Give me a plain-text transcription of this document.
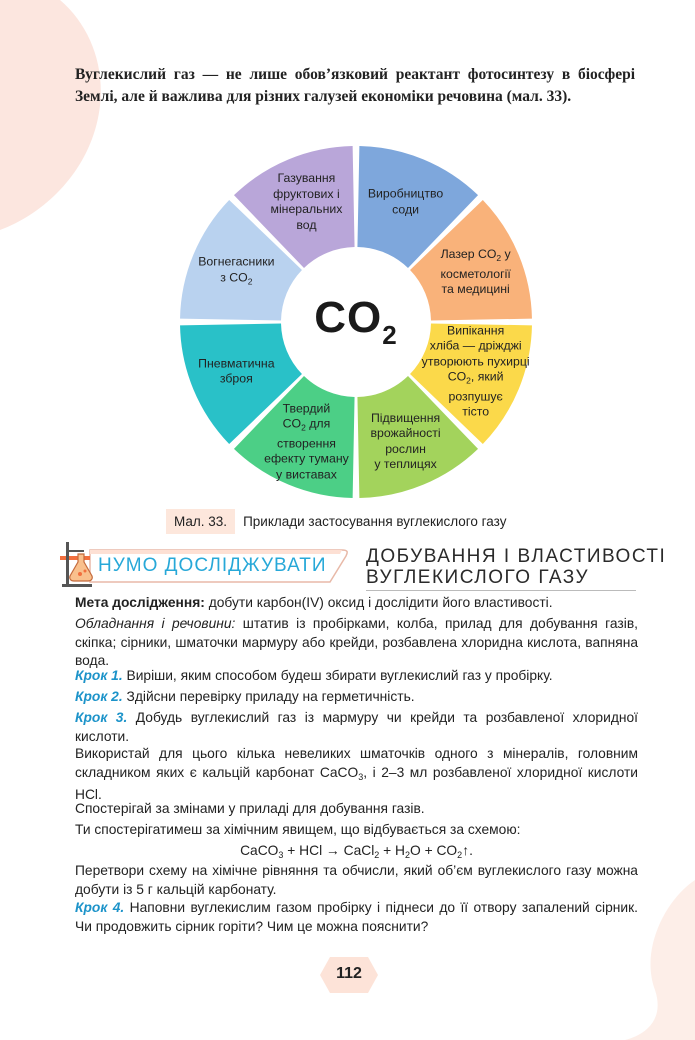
Вуглекислий газ — не лише обов’язковий реактант фотосинтезу в біосфері Землі, але й важлива для різних галузей економіки речовина (мал. 33).
$CO_2$
Виробництво
соди
Лазер $CO_2$ у
косметології
та медицині
Випікання
хліба — дріжджі
утворюють пухирці
$CO_2$, який
розпушує
тісто
Підвищення
врожайності
рослин
у теплицях
Твердий
$CO_2$ для
створення
ефекту туману
у виставах
Пневматична
зброя
Вогнегасники
з $CO_2$
Газування
фруктових і
мінеральних
вод
Мал. 33.	Приклади застосування вуглекислого газу
НУМО ДОСЛІДЖУВАТИ ДОБУВАННЯ І ВЛАСТИВОСТІ
ВУГЛЕКИСЛОГО ГАЗУ
Мета дослідження: добути карбон(IV) оксид і дослідити його властивості.
Обладнання і речовини: штатив із пробірками, колба, прилад для добування газів, скіпка; сірники, шматочки мармуру або крейди, розбавлена хлоридна кислота, вапняна вода.
Крок 1. Виріши, яким способом будеш збирати вуглекислий газ у пробірку.
Крок 2. Здійсни перевірку приладу на герметичність.
Крок 3. Добудь вуглекислий газ із мармуру чи крейди та розбавленої хлоридної кислоти.
Використай для цього кілька невеликих шматочків одного з мінералів, головним складником яких є кальцій карбонат CaCO$_3$, і 2–3 мл розбавленої хлоридної кислоти HCl.
Спостерігай за змінами у приладі для добування газів.
Ти спостерігатимеш за хімічним явищем, що відбувається за схемою:
CaCO$_3$ + HCl → CaCl$_2$ + $H_2O$ + $CO_2↑$.
Перетвори схему на хімічне рівняння та обчисли, який об’єм вуглекислого газу можна добути із 5 г кальцій карбонату.
Крок 4. Наповни вуглекислим газом пробірку і піднеси до її отвору запалений сірник. Чи продовжить сірник горіти? Чим це можна пояснити?
112
